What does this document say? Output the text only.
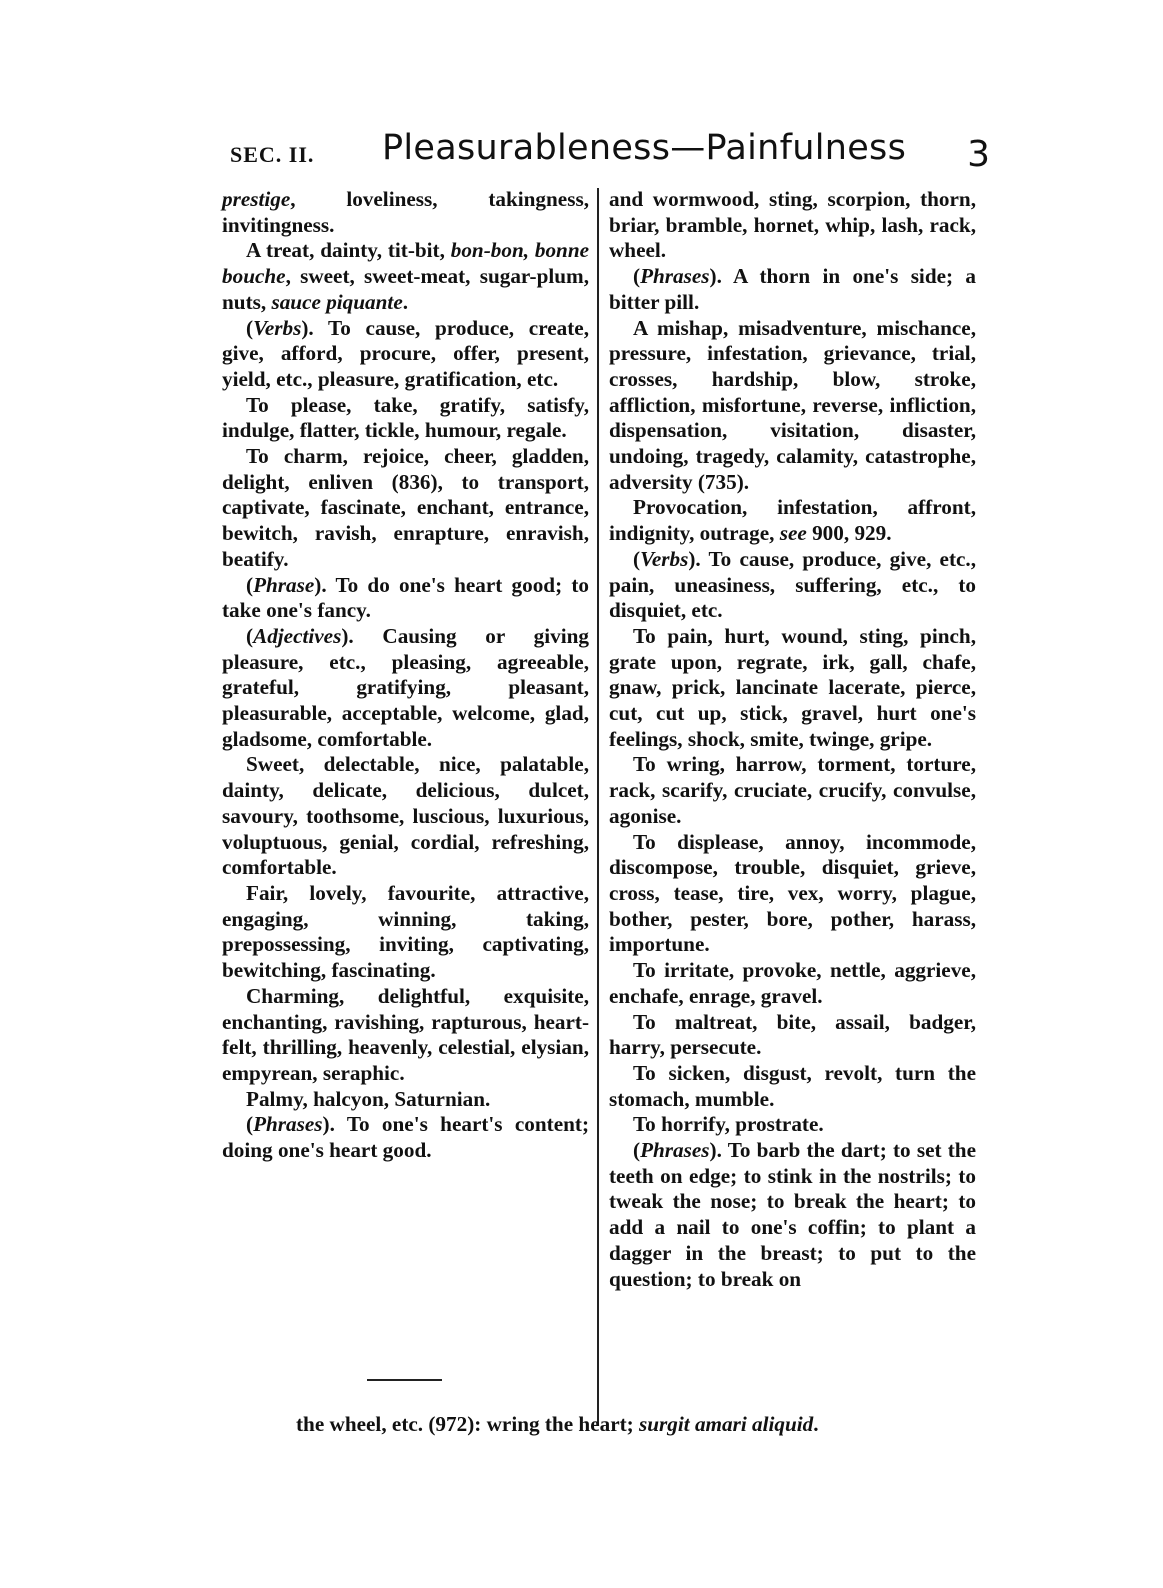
SEC. II. Pleasurableness—Painfulness 3

prestige, loveliness, takingness, invitingness.

A treat, dainty, tit-bit, bon-bon, bonne bouche, sweet, sweet-meat, sugar-plum, nuts, sauce piquante.

(Verbs). To cause, produce, create, give, afford, procure, offer, present, yield, etc., pleasure, gratification, etc.

To please, take, gratify, satisfy, indulge, flatter, tickle, humour, regale.

To charm, rejoice, cheer, gladden, delight, enliven (836), to transport, captivate, fascinate, enchant, entrance, bewitch, ravish, enrapture, enravish, beatify.

(Phrase). To do one's heart good; to take one's fancy.

(Adjectives). Causing or giving pleasure, etc., pleasing, agreeable, grateful, gratifying, pleasant, pleasurable, acceptable, welcome, glad, gladsome, comfortable.

Sweet, delectable, nice, palatable, dainty, delicate, delicious, dulcet, savoury, toothsome, luscious, luxurious, voluptuous, genial, cordial, refreshing, comfortable.

Fair, lovely, favourite, attractive, engaging, winning, taking, prepossessing, inviting, captivating, bewitching, fascinating.

Charming, delightful, exquisite, enchanting, ravishing, rapturous, heart-felt, thrilling, heavenly, celestial, elysian, empyrean, seraphic.

Palmy, halcyon, Saturnian.

(Phrases). To one's heart's content; doing one's heart good.

and wormwood, sting, scorpion, thorn, briar, bramble, hornet, whip, lash, rack, wheel.

(Phrases). A thorn in one's side; a bitter pill.

A mishap, misadventure, mischance, pressure, infestation, grievance, trial, crosses, hardship, blow, stroke, affliction, misfortune, reverse, infliction, dispensation, visitation, disaster, undoing, tragedy, calamity, catastrophe, adversity (735).

Provocation, infestation, affront, indignity, outrage, see 900, 929.

(Verbs). To cause, produce, give, etc., pain, uneasiness, suffering, etc., to disquiet, etc.

To pain, hurt, wound, sting, pinch, grate upon, regrate, irk, gall, chafe, gnaw, prick, lancinate lacerate, pierce, cut, cut up, stick, gravel, hurt one's feelings, shock, smite, twinge, gripe.

To wring, harrow, torment, torture, rack, scarify, cruciate, crucify, convulse, agonise.

To displease, annoy, incommode, discompose, trouble, disquiet, grieve, cross, tease, tire, vex, worry, plague, bother, pester, bore, pother, harass, importune.

To irritate, provoke, nettle, aggrieve, enchafe, enrage, gravel.

To maltreat, bite, assail, badger, harry, persecute.

To sicken, disgust, revolt, turn the stomach, mumble.

To horrify, prostrate.

(Phrases). To barb the dart; to set the teeth on edge; to stink in the nostrils; to tweak the nose; to break the heart; to add a nail to one's coffin; to plant a dagger in the breast; to put to the question; to break on

the wheel, etc. (972): wring the heart; surgit amari aliquid.
